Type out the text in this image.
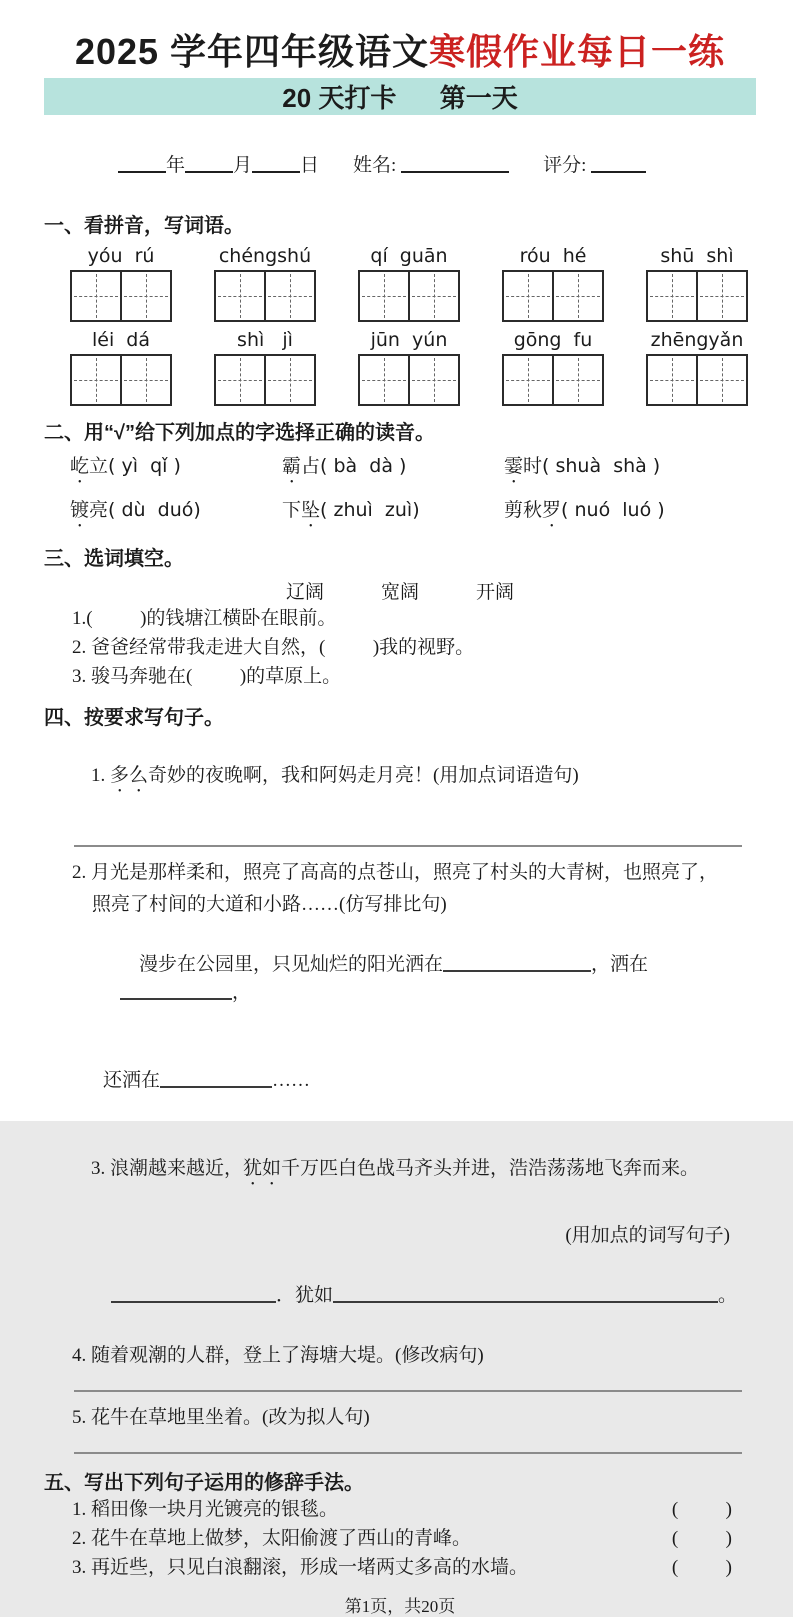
2025 学年四年级语文寒假作业每日一练
20 天打卡      第一天

年	月	日 姓名:	评分:

一、看拼音，写词语。
yóu  rú	chéngshú	qí  guān	róu  hé	shū  shì
léi  dá	shì   jì	jūn  yún	gōng  fu	zhēngyǎn
二、用“√”给下列加点的字选择正确的读音。
屹立( yì  qǐ )	霸占( bà  dà )	霎时( shuà  shà )
镀亮( dù  duó)	下坠( zhuì  zuì)	剪秋罗( nuó  luó )
三、选词填空。
辽阔            宽阔            开阔
1.(          )的钱塘江横卧在眼前。
2. 爸爸经常带我走进大自然，(          )我的视野。
3. 骏马奔驰在(          )的草原上。
四、按要求写句子。

1. 多么奇妙的夜晚啊，我和阿妈走月亮！(用加点词语造句)

2. 月光是那样柔和，照亮了高高的点苍山，照亮了村头的大青树，也照亮了，
照亮了村间的大道和小路……(仿写排比句)

漫步在公园里，只见灿烂的阳光洒在	，洒在，

还洒在	……

3. 浪潮越来越近，犹如千万匹白色战马齐头并进，浩浩荡荡地飞奔而来。

(用加点的词写句子)

．犹如	。

4. 随着观潮的人群，登上了海塘大堤。(修改病句)
5. 花牛在草地里坐着。(改为拟人句)
五、写出下列句子运用的修辞手法。
1. 稻田像一块月光镀亮的银毯。	(          )
2. 花牛在草地上做梦，太阳偷渡了西山的青峰。	(          )
3. 再近些，只见白浪翻滚，形成一堵两丈多高的水墙。	(          )
第1页，共20页
